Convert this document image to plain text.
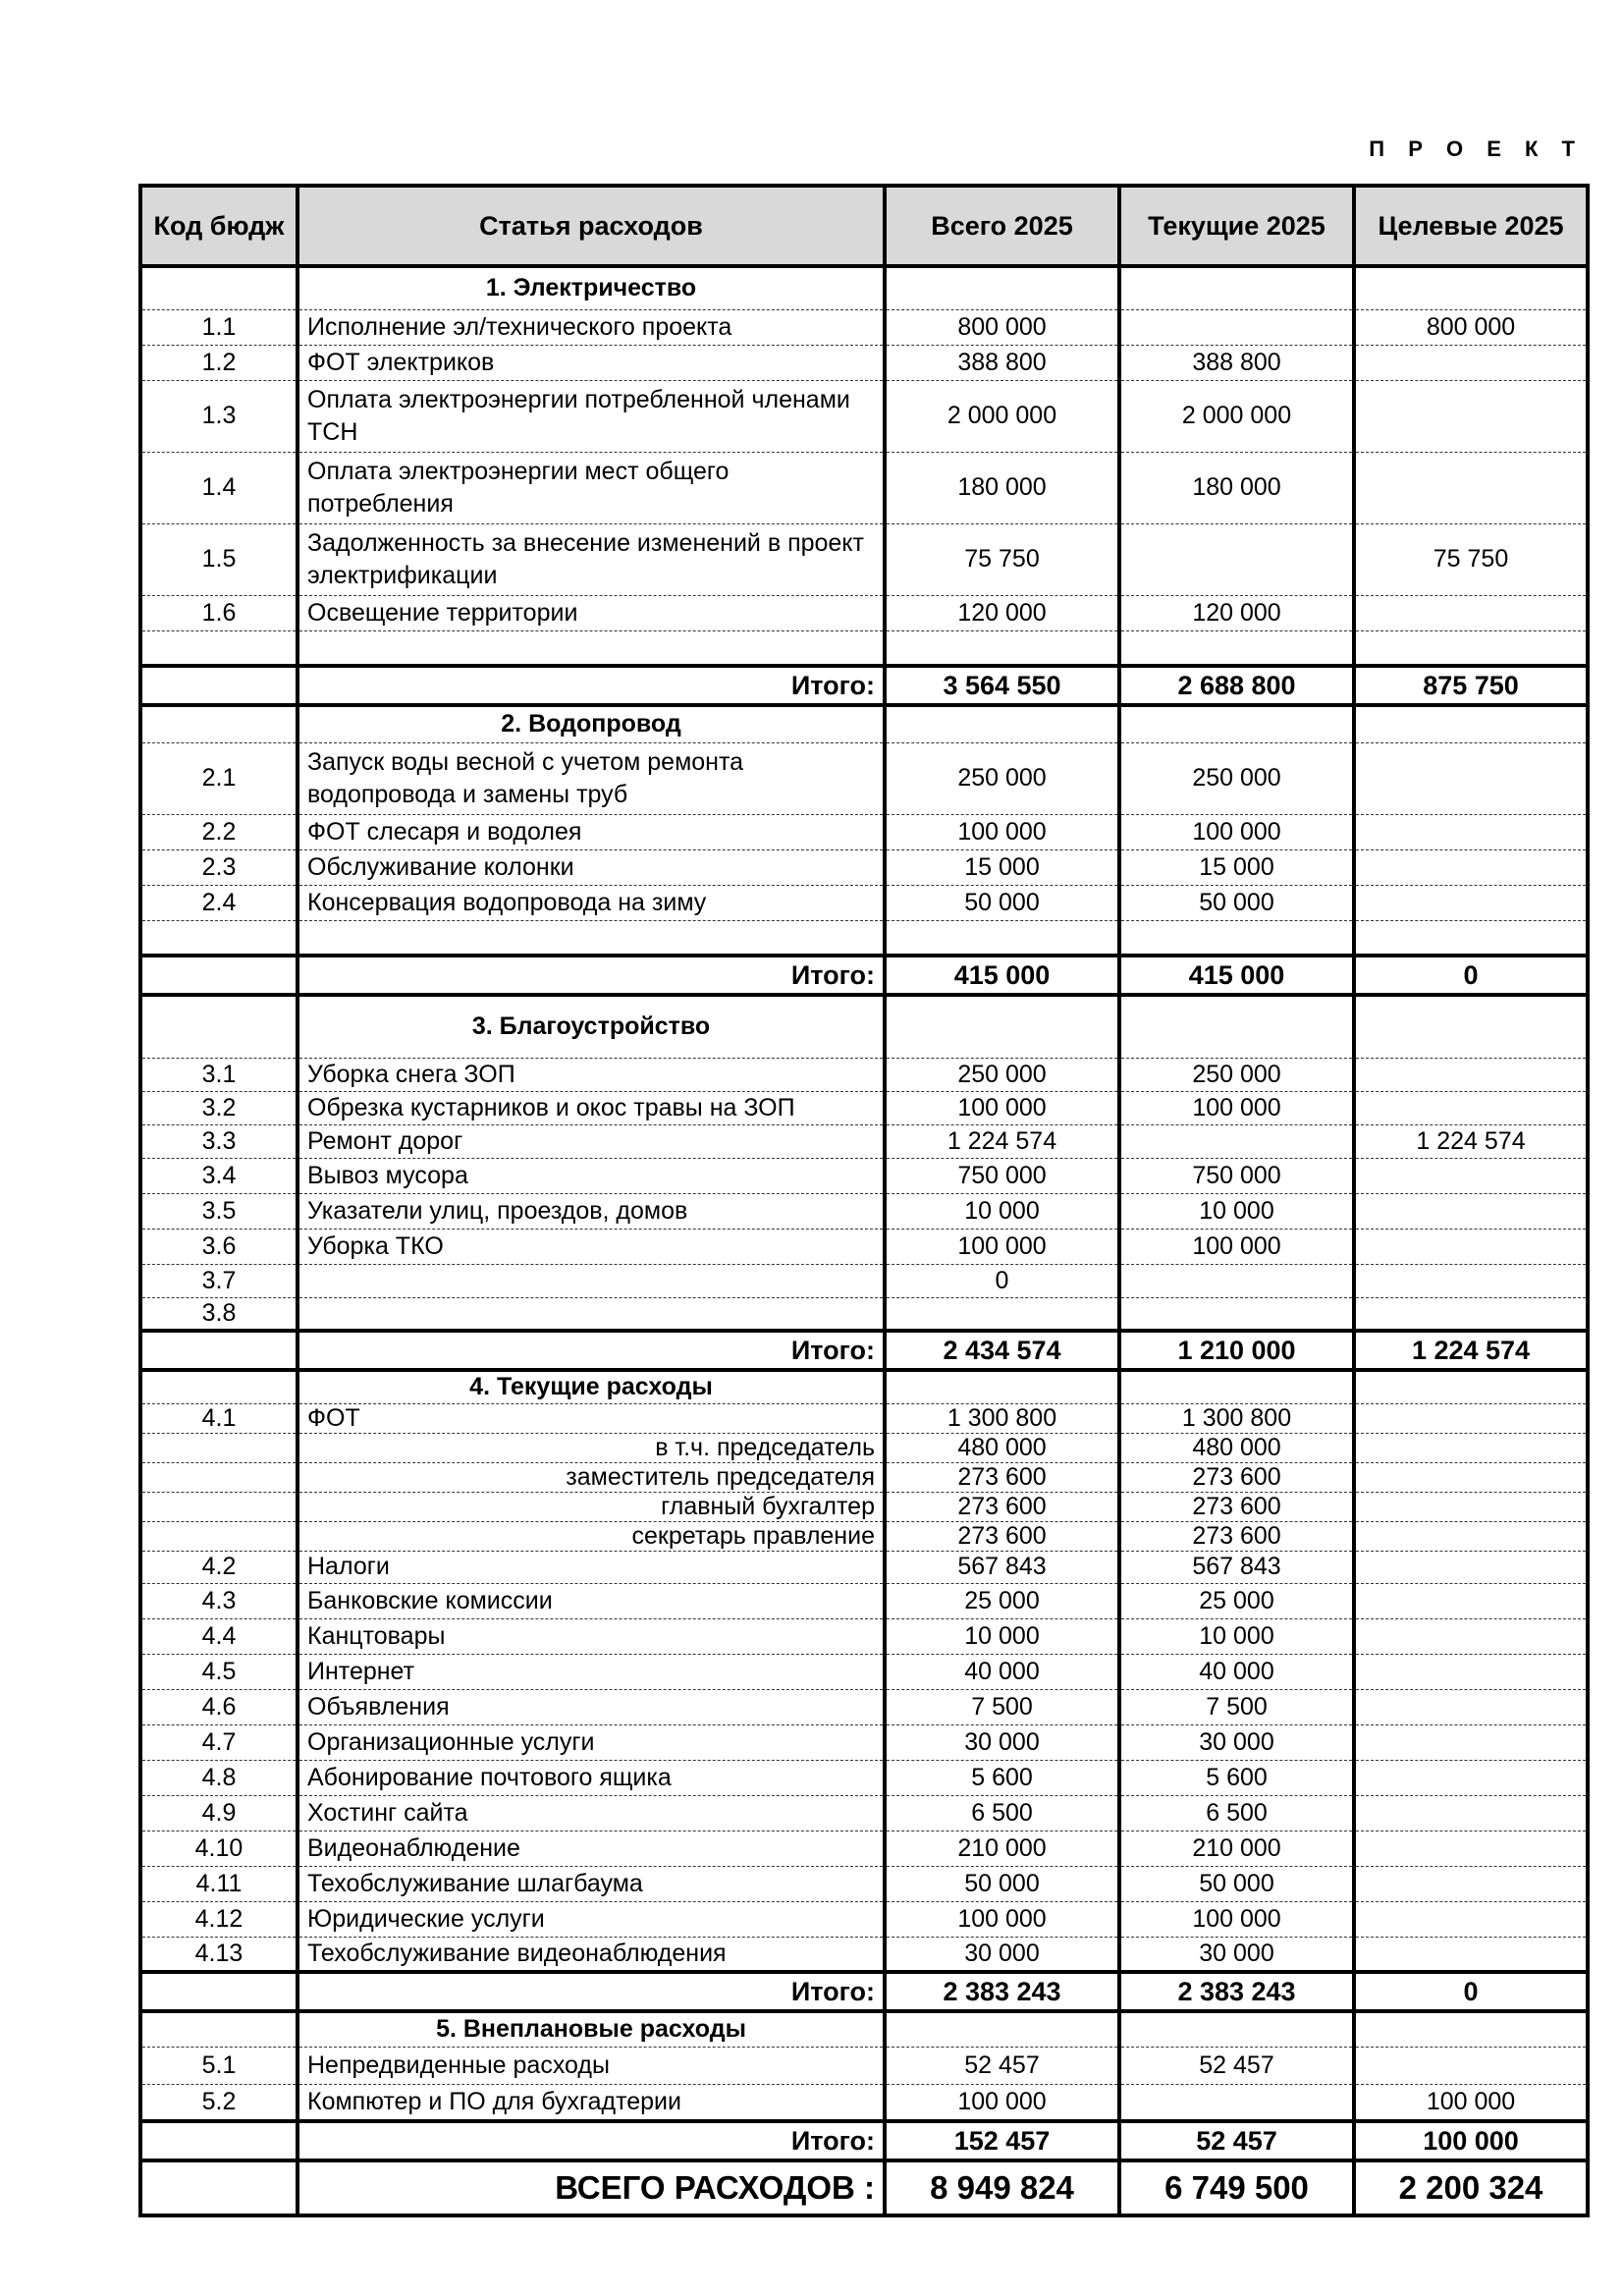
П Р О Е К Т
Код бюдж	Статья расходов	Всего 2025	Текущие 2025	Целевые 2025
	1. Электричество			
1.1	Исполнение эл/технического проекта	800 000		800 000
1.2	ФОТ электриков	388 800	388 800	
1.3	Оплата электроэнергии потребленной членами ТСН	2 000 000	2 000 000	
1.4	Оплата электроэнергии мест общего потребления	180 000	180 000	
1.5	Задолженность за внесение изменений в проект электрификации	75 750		75 750
1.6	Освещение территории	120 000	120 000	

	Итого:	3 564 550	2 688 800	875 750
	2. Водопровод			
2.1	Запуск воды весной с учетом ремонта водопровода и замены труб	250 000	250 000	
2.2	ФОТ слесаря и водолея	100 000	100 000	
2.3	Обслуживание колонки	15 000	15 000	
2.4	Консервация водопровода на зиму	50 000	50 000	

	Итого:	415 000	415 000	0
	3. Благоустройство			
3.1	Уборка снега ЗОП	250 000	250 000	
3.2	Обрезка кустарников и окос травы на ЗОП	100 000	100 000	
3.3	Ремонт дорог	1 224 574		1 224 574
3.4	Вывоз мусора	750 000	750 000	
3.5	Указатели улиц, проездов, домов	10 000	10 000	
3.6	Уборка ТКО	100 000	100 000	
3.7		0		
3.8				
	Итого:	2 434 574	1 210 000	1 224 574
	4. Текущие расходы			
4.1	ФОТ	1 300 800	1 300 800	
	в т.ч. председатель	480 000	480 000	
	заместитель председателя	273 600	273 600	
	главный бухгалтер	273 600	273 600	
	секретарь правление	273 600	273 600	
4.2	Налоги	567 843	567 843	
4.3	Банковские комиссии	25 000	25 000	
4.4	Канцтовары	10 000	10 000	
4.5	Интернет	40 000	40 000	
4.6	Объявления	7 500	7 500	
4.7	Организационные услуги	30 000	30 000	
4.8	Абонирование почтового ящика	5 600	5 600	
4.9	Хостинг сайта	6 500	6 500	
4.10	Видеонаблюдение	210 000	210 000	
4.11	Техобслуживание шлагбаума	50 000	50 000	
4.12	Юридические услуги	100 000	100 000	
4.13	Техобслуживание видеонаблюдения	30 000	30 000	
	Итого:	2 383 243	2 383 243	0
	5. Внеплановые расходы			
5.1	Непредвиденные расходы	52 457	52 457	
5.2	Компютер и ПО для бухгадтерии	100 000		100 000
	Итого:	152 457	52 457	100 000
	ВСЕГО РАСХОДОВ :	8 949 824	6 749 500	2 200 324
